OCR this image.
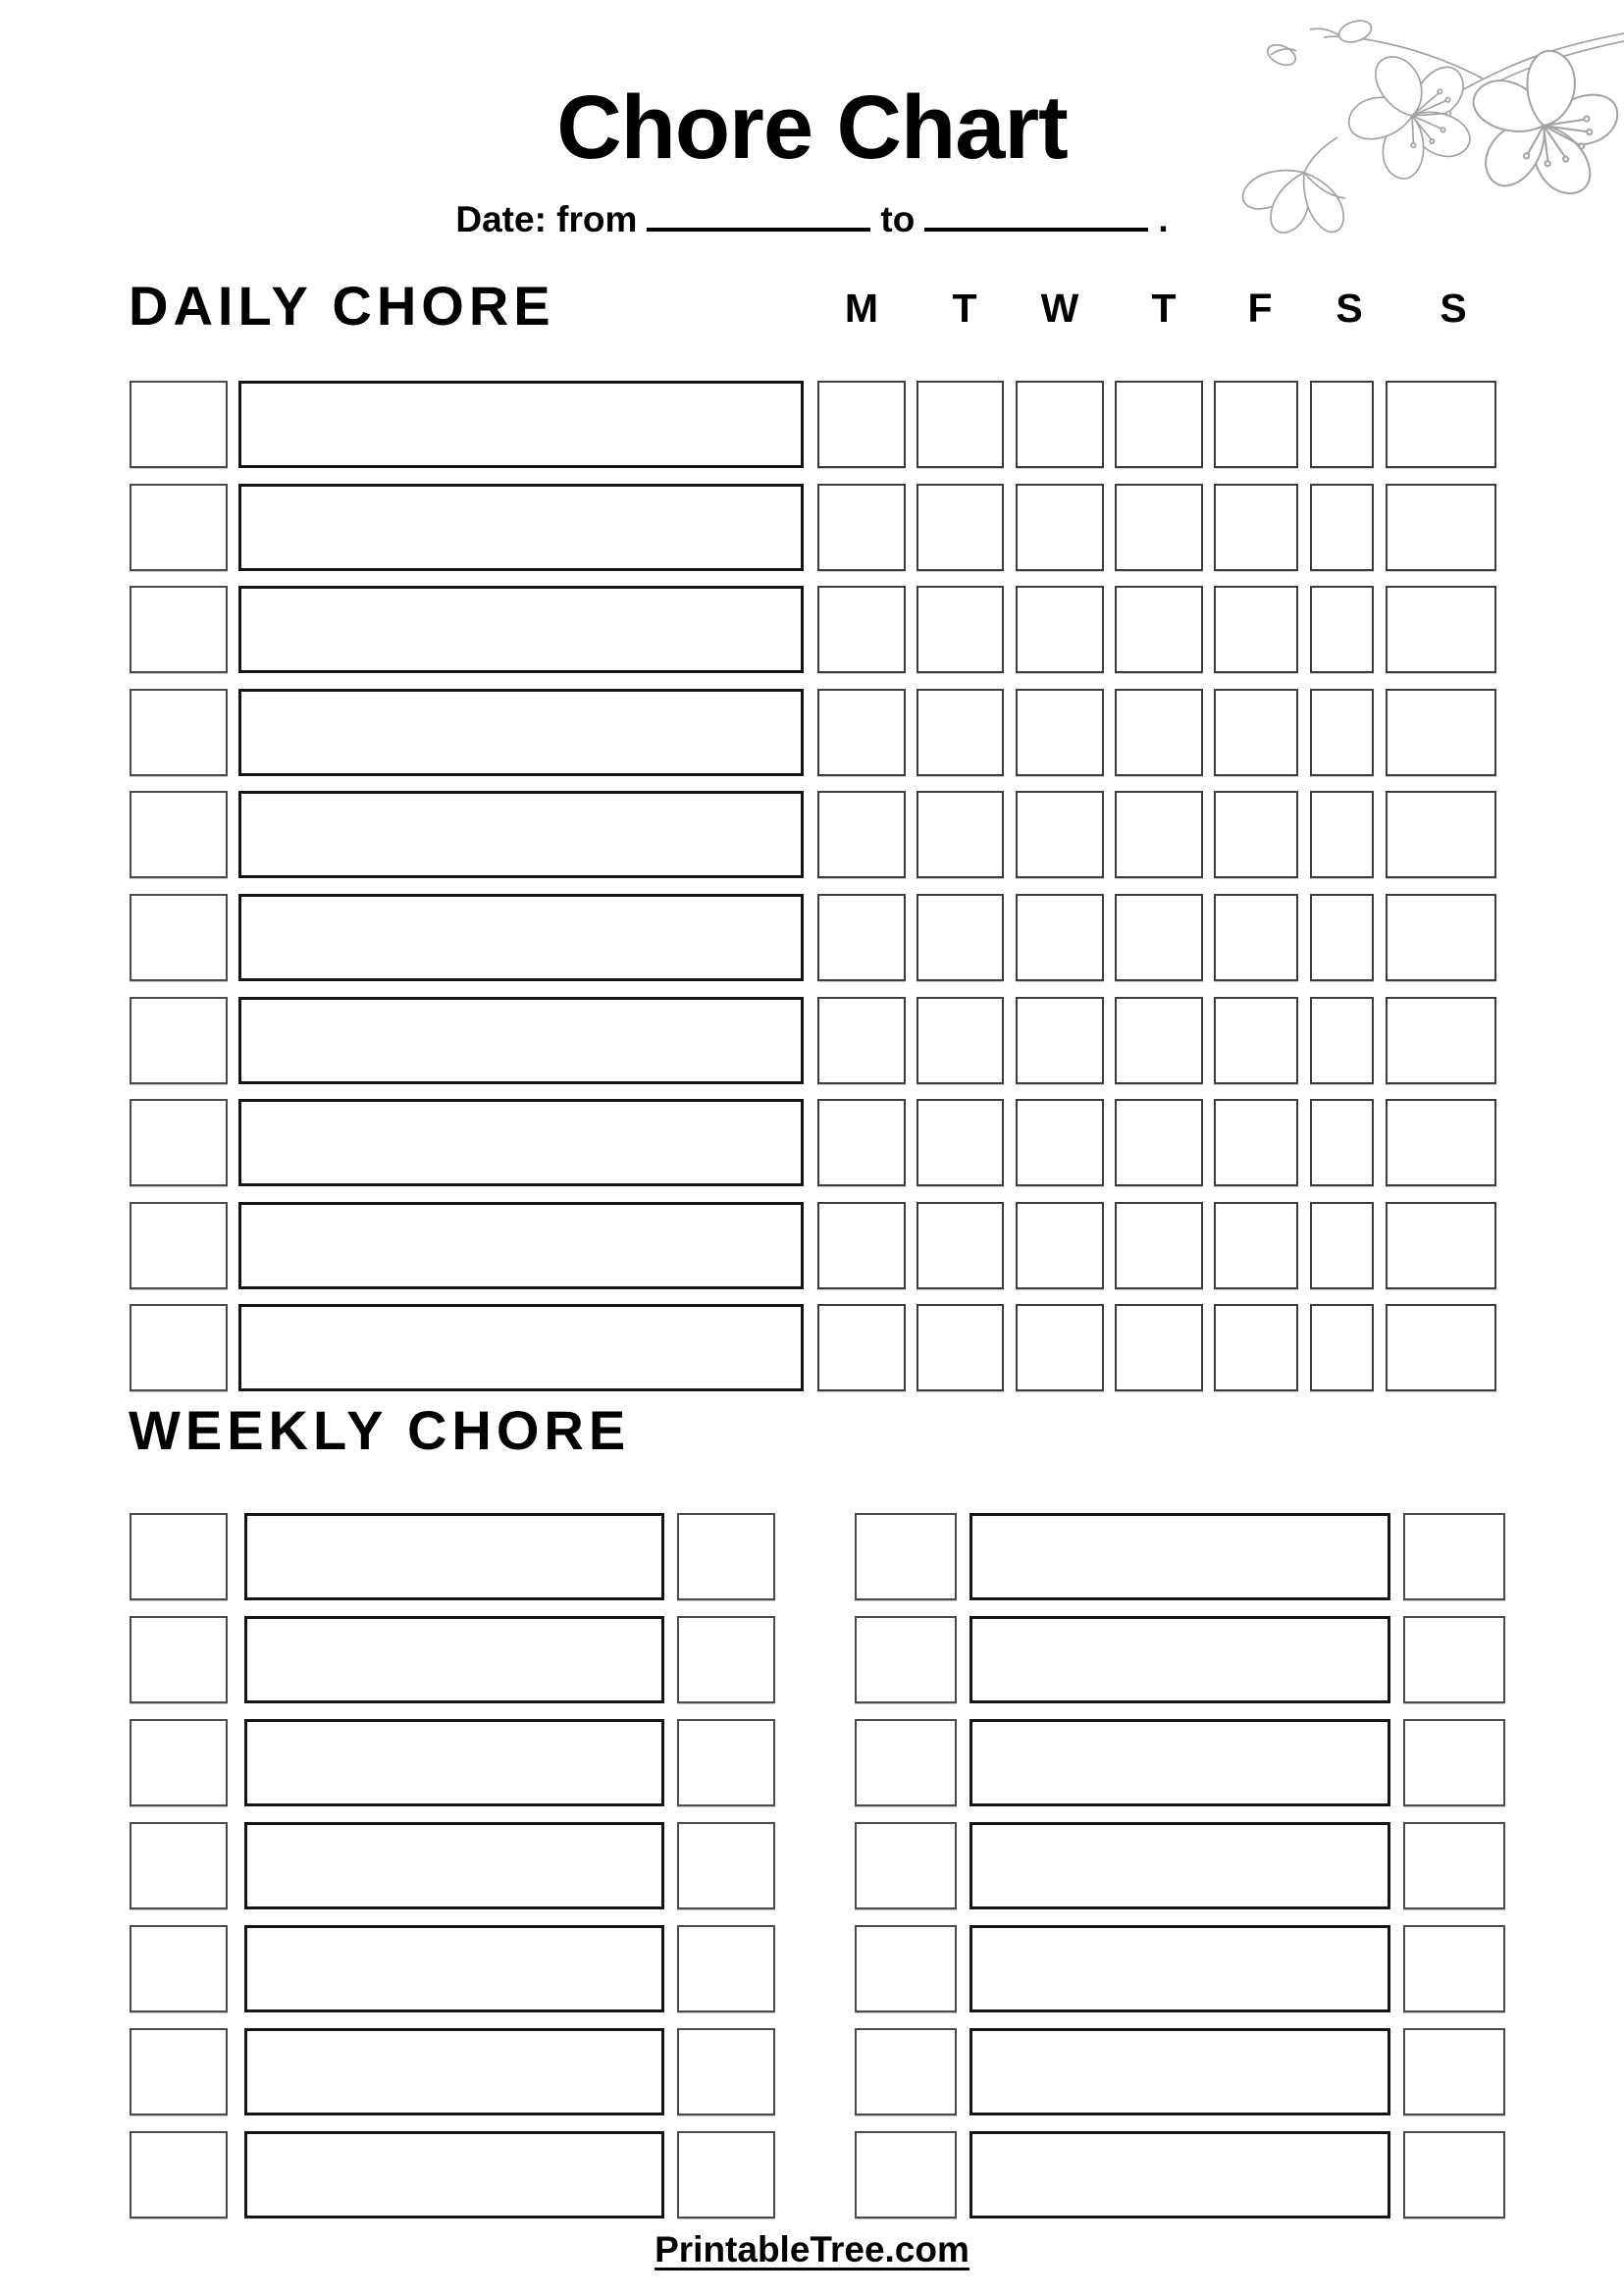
Chore Chart
Date: from	to	.
DAILY CHORE	M T W T F S S
WEEKLY CHORE
PrintableTree.com
